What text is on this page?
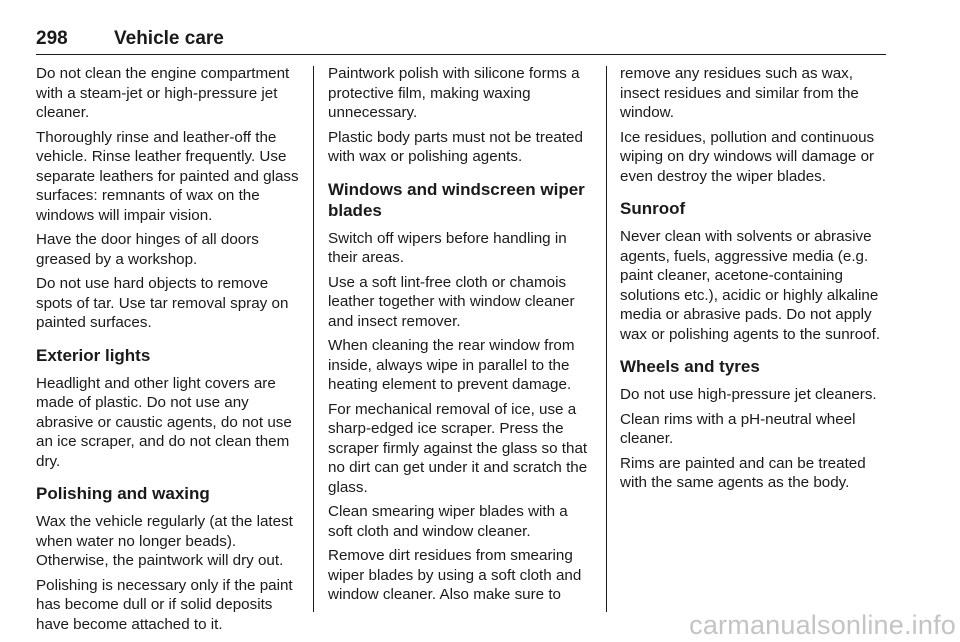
298 Vehicle care

Do not clean the engine compartment with a steam-jet or high-pressure jet cleaner.

Thoroughly rinse and leather-off the vehicle. Rinse leather frequently. Use separate leathers for painted and glass surfaces: remnants of wax on the windows will impair vision.

Have the door hinges of all doors greased by a workshop.

Do not use hard objects to remove spots of tar. Use tar removal spray on painted surfaces.

Exterior lights

Headlight and other light covers are made of plastic. Do not use any abrasive or caustic agents, do not use an ice scraper, and do not clean them dry.

Polishing and waxing

Wax the vehicle regularly (at the latest when water no longer beads). Otherwise, the paintwork will dry out.

Polishing is necessary only if the paint has become dull or if solid deposits have become attached to it.

Paintwork polish with silicone forms a protective film, making waxing unnecessary.

Plastic body parts must not be treated with wax or polishing agents.

Windows and windscreen wiper blades

Switch off wipers before handling in their areas.

Use a soft lint-free cloth or chamois leather together with window cleaner and insect remover.

When cleaning the rear window from inside, always wipe in parallel to the heating element to prevent damage.

For mechanical removal of ice, use a sharp-edged ice scraper. Press the scraper firmly against the glass so that no dirt can get under it and scratch the glass.

Clean smearing wiper blades with a soft cloth and window cleaner.

Remove dirt residues from smearing wiper blades by using a soft cloth and window cleaner. Also make sure to

remove any residues such as wax, insect residues and similar from the window.

Ice residues, pollution and continuous wiping on dry windows will damage or even destroy the wiper blades.

Sunroof

Never clean with solvents or abrasive agents, fuels, aggressive media (e.g. paint cleaner, acetone-containing solutions etc.), acidic or highly alkaline media or abrasive pads. Do not apply wax or polishing agents to the sunroof.

Wheels and tyres

Do not use high-pressure jet cleaners.

Clean rims with a pH-neutral wheel cleaner.

Rims are painted and can be treated with the same agents as the body.

carmanualsonline.info
